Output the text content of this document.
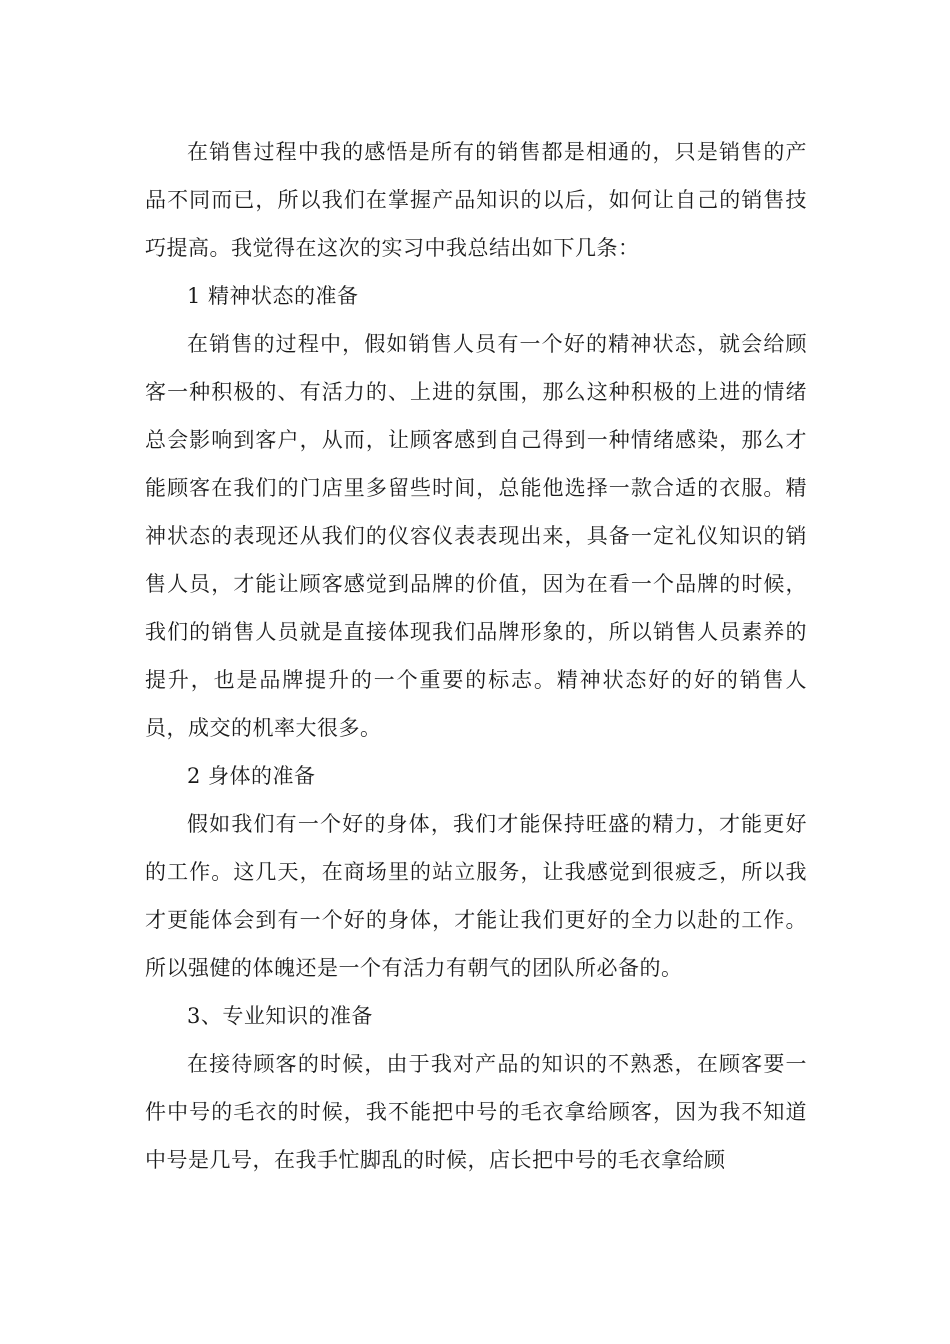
在销售过程中我的感悟是所有的销售都是相通的，只是销售的产品不同而已，所以我们在掌握产品知识的以后，如何让自己的销售技巧提高。我觉得在这次的实习中我总结出如下几条：

1 精神状态的准备

在销售的过程中，假如销售人员有一个好的精神状态，就会给顾客一种积极的、有活力的、上进的氛围，那么这种积极的上进的情绪总会影响到客户，从而，让顾客感到自己得到一种情绪感染，那么才能顾客在我们的门店里多留些时间，总能他选择一款合适的衣服。精神状态的表现还从我们的仪容仪表表现出来，具备一定礼仪知识的销售人员，才能让顾客感觉到品牌的价值，因为在看一个品牌的时候，我们的销售人员就是直接体现我们品牌形象的，所以销售人员素养的提升，也是品牌提升的一个重要的标志。精神状态好的好的销售人员，成交的机率大很多。

2 身体的准备

假如我们有一个好的身体，我们才能保持旺盛的精力，才能更好的工作。这几天，在商场里的站立服务，让我感觉到很疲乏，所以我才更能体会到有一个好的身体，才能让我们更好的全力以赴的工作。所以强健的体魄还是一个有活力有朝气的团队所必备的。

3、专业知识的准备

在接待顾客的时候，由于我对产品的知识的不熟悉，在顾客要一件中号的毛衣的时候，我不能把中号的毛衣拿给顾客，因为我不知道中号是几号，在我手忙脚乱的时候，店长把中号的毛衣拿给顾
